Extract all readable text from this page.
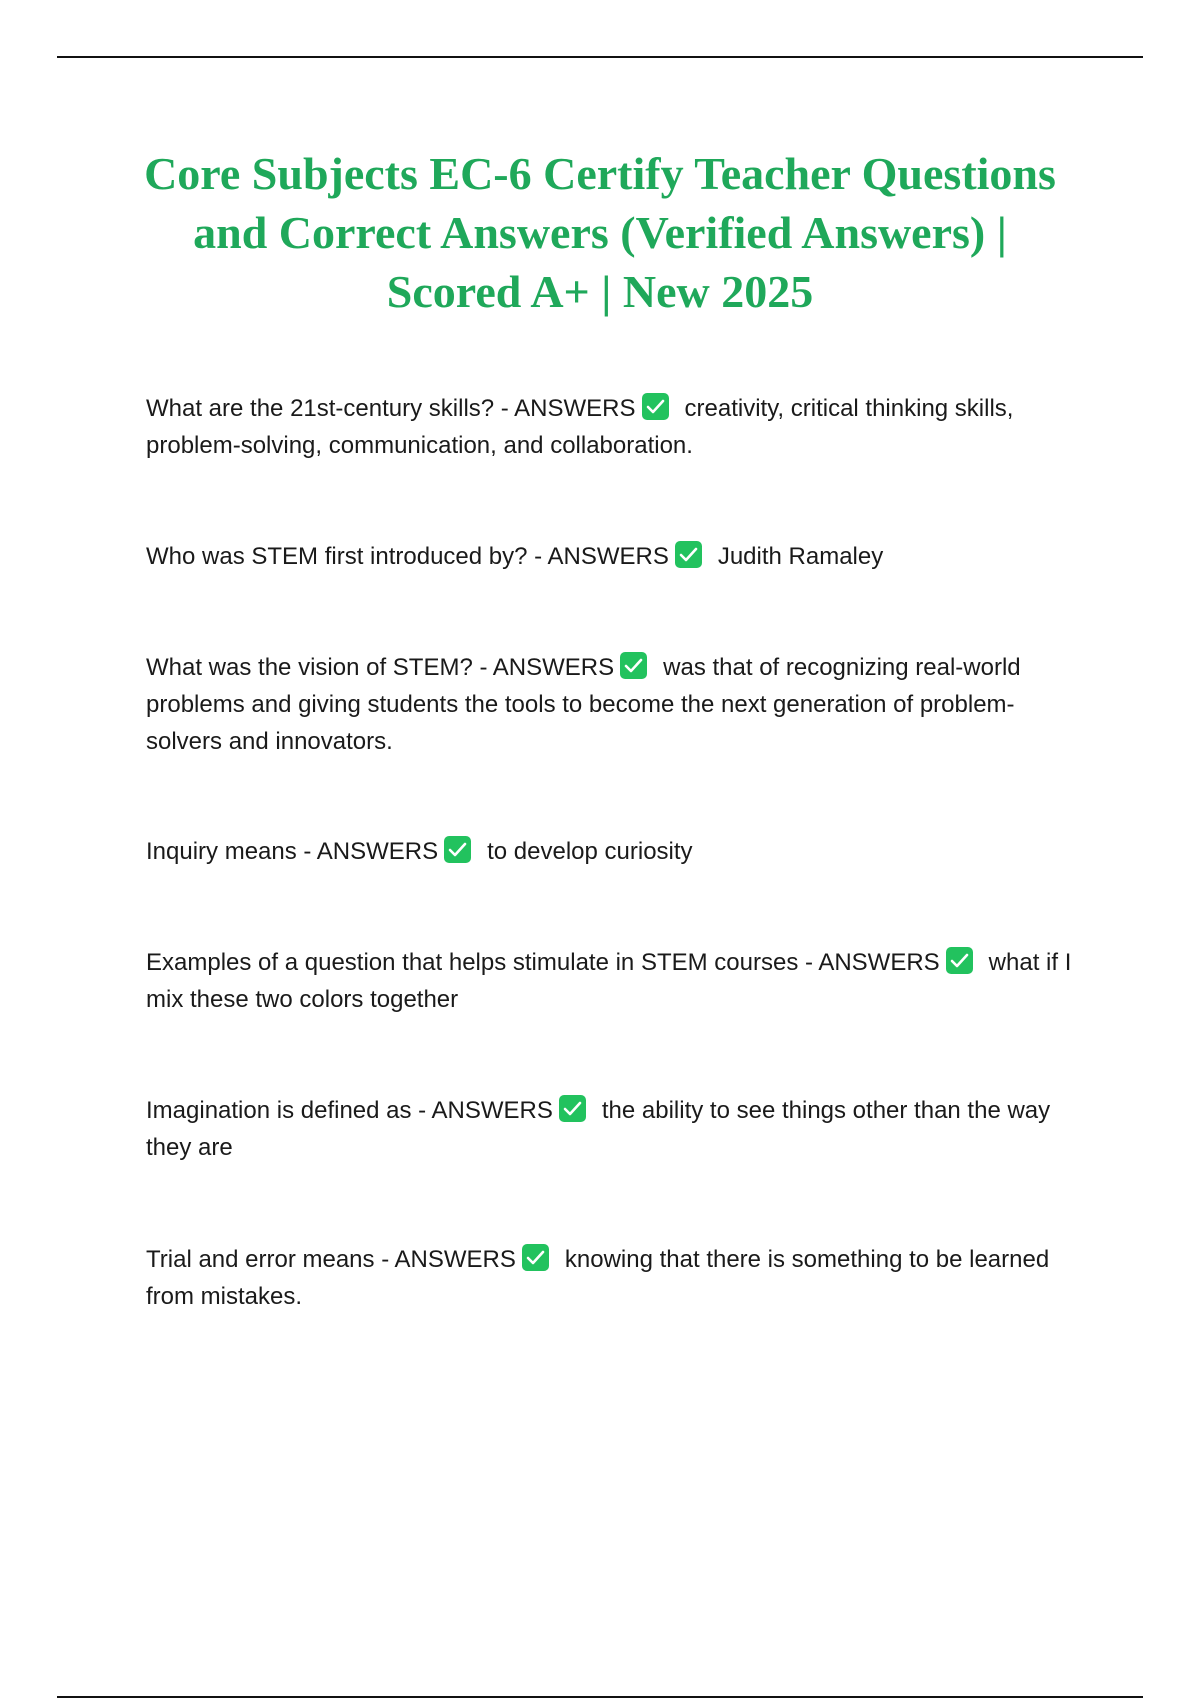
Core Subjects EC-6 Certify Teacher Questions and Correct Answers (Verified Answers) | Scored A+ | New 2025

What are the 21st-century skills? - ANSWERS creativity, critical thinking skills, problem-solving, communication, and collaboration.

Who was STEM first introduced by? - ANSWERS Judith Ramaley

What was the vision of STEM? - ANSWERS was that of recognizing real-world problems and giving students the tools to become the next generation of problem-solvers and innovators.

Inquiry means - ANSWERS to develop curiosity

Examples of a question that helps stimulate in STEM courses - ANSWERS what if I mix these two colors together

Imagination is defined as - ANSWERS the ability to see things other than the way they are

Trial and error means - ANSWERS knowing that there is something to be learned from mistakes.
